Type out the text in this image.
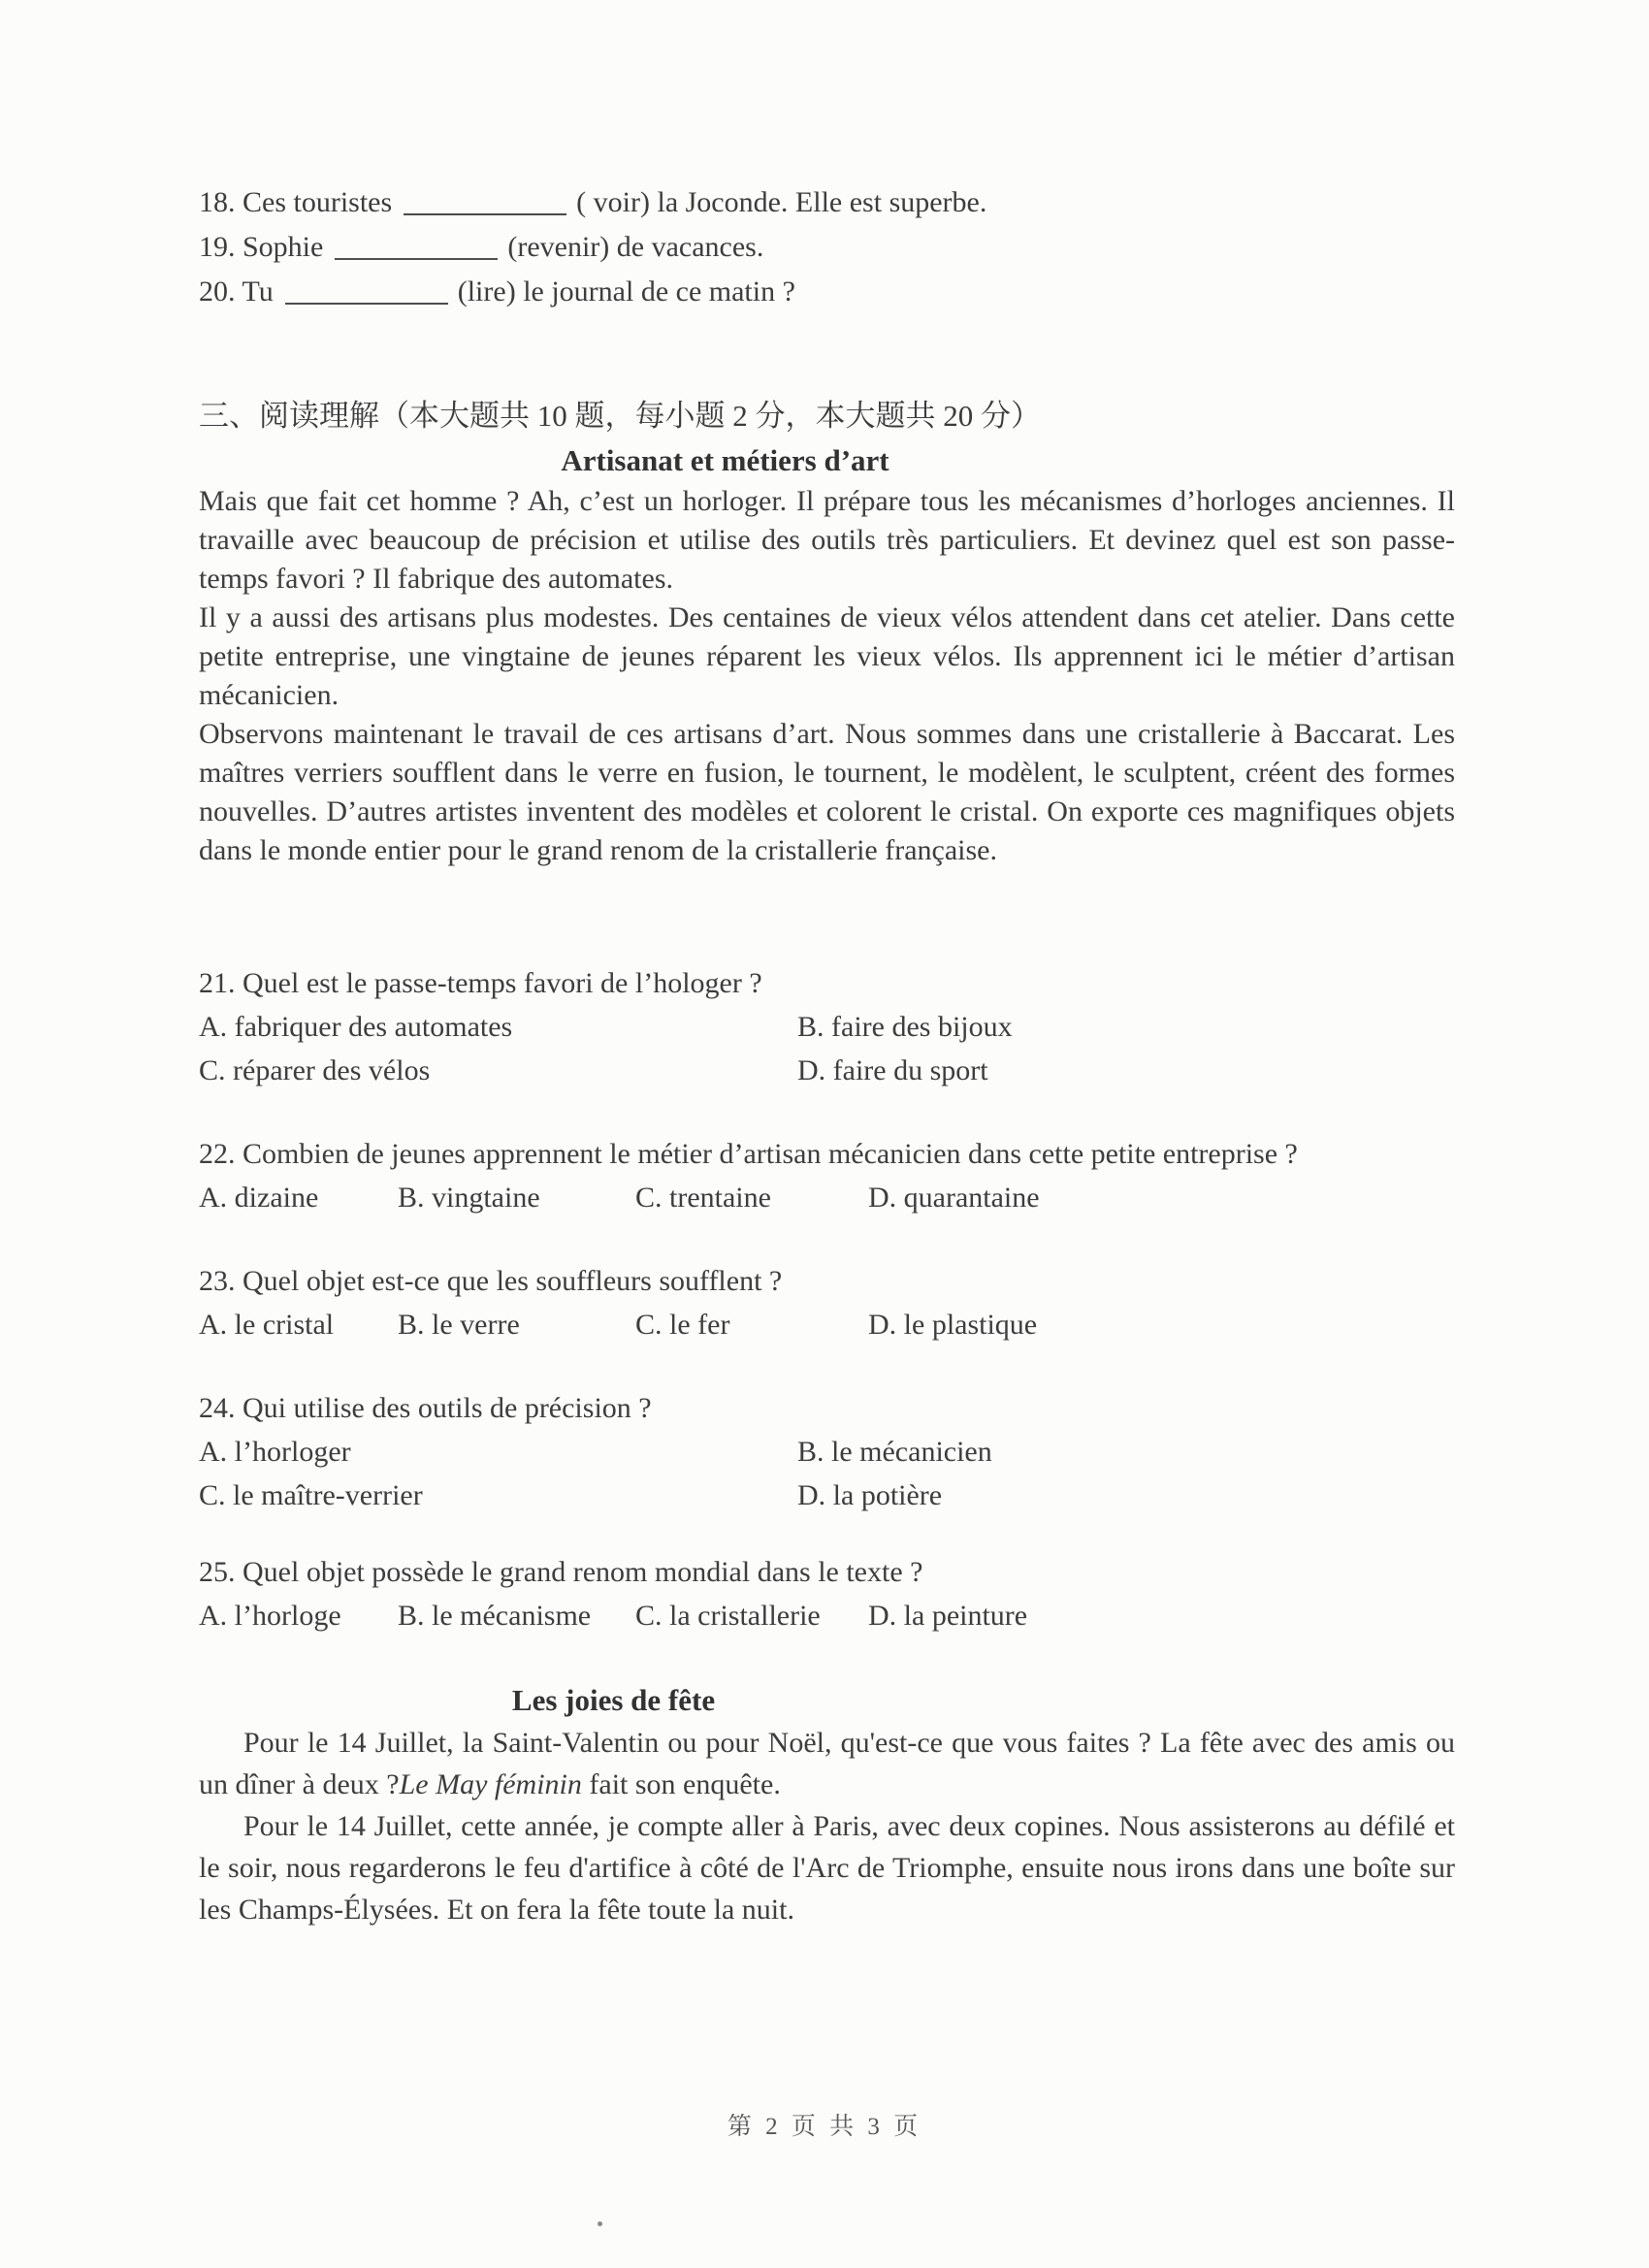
18. Ces touristes	( voir) la Joconde. Elle est superbe.
19. Sophie	(revenir) de vacances.
20. Tu	(lire) le journal de ce matin ?
三、阅读理解（本大题共 10 题，每小题 2 分，本大题共 20 分）
Artisanat et métiers d’art
Mais que fait cet homme ? Ah, c’est un horloger. Il prépare tous les mécanismes d’horloges anciennes. Il travaille avec beaucoup de précision et utilise des outils très particuliers. Et devinez quel est son passe-temps favori ? Il fabrique des automates.
Il y a aussi des artisans plus modestes. Des centaines de vieux vélos attendent dans cet atelier. Dans cette petite entreprise, une vingtaine de jeunes réparent les vieux vélos. Ils apprennent ici le métier d’artisan mécanicien.
Observons maintenant le travail de ces artisans d’art. Nous sommes dans une cristallerie à Baccarat. Les maîtres verriers soufflent dans le verre en fusion, le tournent, le modèlent, le sculptent, créent des formes nouvelles. D’autres artistes inventent des modèles et colorent le cristal. On exporte ces magnifiques objets dans le monde entier pour le grand renom de la cristallerie française.
21. Quel est le passe-temps favori de l’hologer ?
A. fabriquer des automates	B. faire des bijoux
C. réparer des vélos	D. faire du sport
22. Combien de jeunes apprennent le métier d’artisan mécanicien dans cette petite entreprise ?
A. dizaine	B. vingtaine	C. trentaine	D. quarantaine
23. Quel objet est-ce que les souffleurs soufflent ?
A. le cristal	B. le verre	C. le fer	D. le plastique
24. Qui utilise des outils de précision ?
A. l’horloger	B. le mécanicien
C. le maître-verrier	D. la potière
25. Quel objet possède le grand renom mondial dans le texte ?
A. l’horloge	B. le mécanisme	C. la cristallerie	D. la peinture
Les joies de fête
Pour le 14 Juillet, la Saint-Valentin ou pour Noël, qu'est-ce que vous faites ? La fête avec des amis ou un dîner à deux ?Le May féminin fait son enquête.
Pour le 14 Juillet, cette année, je compte aller à Paris, avec deux copines. Nous assisterons au défilé et le soir, nous regarderons le feu d'artifice à côté de l'Arc de Triomphe, ensuite nous irons dans une boîte sur les Champs-Élysées. Et on fera la fête toute la nuit.
第 2 页 共 3 页
